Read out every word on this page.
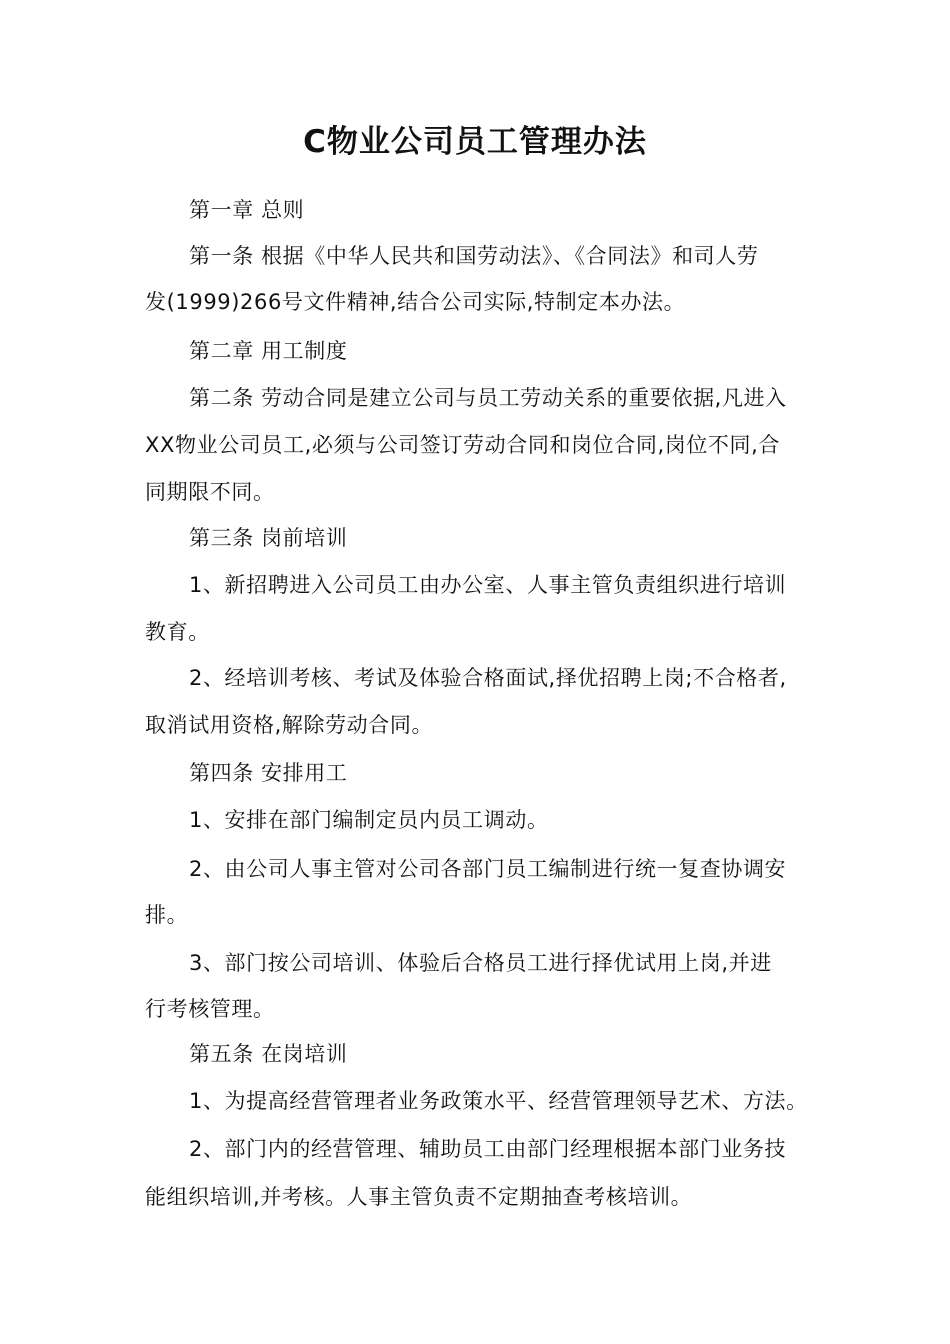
C物业公司员工管理办法
第一章 总则
第一条 根据《中华人民共和国劳动法》、《合同法》和司人劳
发(1999)266号文件精神,结合公司实际,特制定本办法。
第二章 用工制度
第二条 劳动合同是建立公司与员工劳动关系的重要依据,凡进入
XX物业公司员工,必须与公司签订劳动合同和岗位合同,岗位不同,合
同期限不同。
第三条 岗前培训
1、新招聘进入公司员工由办公室、人事主管负责组织进行培训
教育。
2、经培训考核、考试及体验合格面试,择优招聘上岗;不合格者,
取消试用资格,解除劳动合同。
第四条 安排用工
1、安排在部门编制定员内员工调动。
2、由公司人事主管对公司各部门员工编制进行统一复查协调安
排。
3、部门按公司培训、体验后合格员工进行择优试用上岗,并进
行考核管理。
第五条 在岗培训
1、为提高经营管理者业务政策水平、经营管理领导艺术、方法。
2、部门内的经营管理、辅助员工由部门经理根据本部门业务技
能组织培训,并考核。人事主管负责不定期抽查考核培训。
